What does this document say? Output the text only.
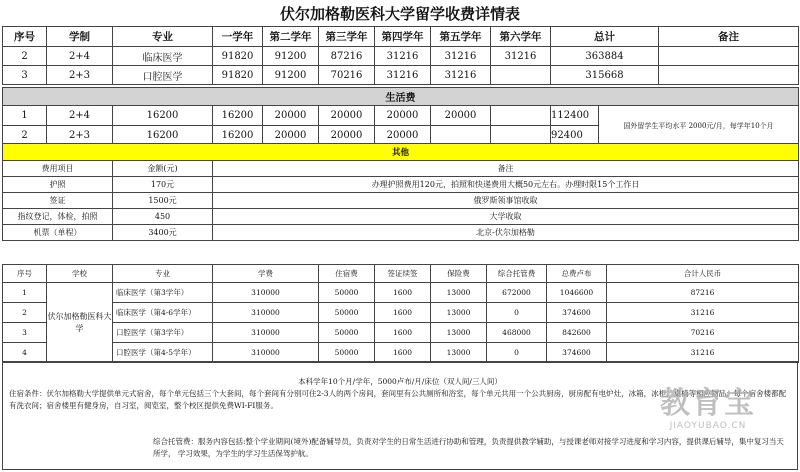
伏尔加格勒医科大学留学收费详情表
序号	学制	专业	一学年	第二学年	第三学年	第四学年	第五学年	第六学年	总计	备注
2	2+4	临床医学	91820	91200	87216	31216	31216	31216	363884	
3	2+3	口腔医学	91820	91200	70216	31216	31216		315668	
生活费										
1	2+4	16200	16200	20000	20000	20000	20000		112400	国外留学生平均水平 2000元/月，每学年10个月
2	2+3	16200	16200	20000	20000	20000			92400	
其他		
费用项目	金额(元)	备注
护照	170元	办理护照费用120元，拍照和快递费用大概50元左右。办理时限15个工作日
签证	1500元	俄罗斯领事馆收取
指纹登记，体检，拍照	450	大学收取
机票（单程）	3400元	北京-伏尔加格勒
序号	学校	专业	学费	住宿费	签证续签	保险费	综合托管费	总费卢布	合计人民币
1	伏尔加格勒医科大学	临床医学（第3学年）	310000	50000	1600	13000	672000	1046600	87216
2		临床医学（第4-6学年）	310000	50000	1600	13000	0	374600	31216
3		口腔医学（第3学年）	310000	50000	1600	13000	468000	842600	70216
4		口腔医学（第4-5学年）	310000	50000	1600	13000	0	374600	31216
本科学年10个月/学年，5000卢布/月/床位（双人间/三人间）
住宿条件：伏尔加格勒大学提供单元式宿舍，每个单元包括三个大套间，每个套间有分别可住2-3人的两个房间，套间里有公共厕所和浴室，每个单元共用一个公共厨房，厨房配有电炉灶，冰箱，冰柜，桌椅等相应物品；每个宿舍楼都配有洗衣间；宿舍楼里有健身房，自习室，阅览室，整个校区提供免费WI-FI服务。
综合托管费：服务内容包括:整个学业期间(境外)配备辅导员，负责对学生的日常生活进行协助和管理，负责提供教学辅助，与授课老师对接学习进度和学习内容，提供课后辅导，集中复习当天所学， 学习效果，为学生的学习生活保驾护航。
教育宝
JIAOYUBAO.CN
